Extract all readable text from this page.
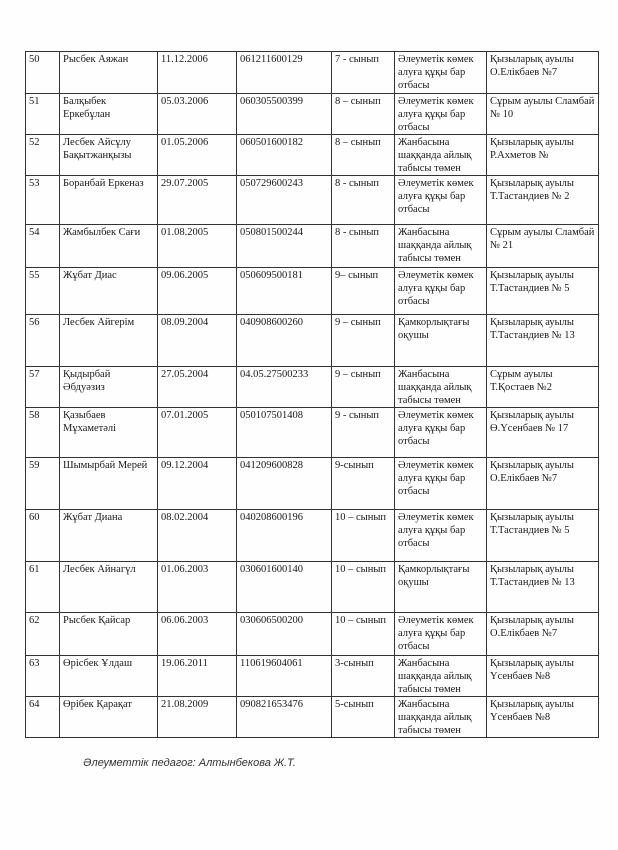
50	Рысбек Аяжан	11.12.2006	061211600129	7 - сынып	Әлеуметік көмек алуға құқы бар отбасы	Қызыларық ауылы О.Елікбаев №7
51	Балқыбек Еркебұлан	05.03.2006	060305500399	8 – сынып	Әлеуметік көмек алуға құқы бар отбасы	Сұрым ауылы Сламбай № 10
52	Лесбек Айсұлу Бақытжанқызы	01.05.2006	060501600182	8 – сынып	Жанбасына шаққанда айлық табысы төмен	Қызыларық ауылы Р.Ахметов №
53	Боранбай Еркеназ	29.07.2005	050729600243	8 - сынып	Әлеуметік көмек алуға құқы бар отбасы	Қызыларық ауылы Т.Тастандиев № 2
54	Жамбылбек Сағи	01.08.2005	050801500244	8 - сынып	Жанбасына шаққанда айлық табысы төмен	Сұрым ауылы Сламбай № 21
55	Жұбат Диас	09.06.2005	050609500181	9– сынып	Әлеуметік көмек алуға құқы бар отбасы	Қызыларық ауылы Т.Тастандиев № 5
56	Лесбек Айгерім	08.09.2004	040908600260	9 – сынып	Қамкорлықтағы оқушы	Қызыларық ауылы Т.Тастандиев № 13
57	Қыдырбай Әбдуәзиз	27.05.2004	04.05.27500233	9 – сынып	Жанбасына шаққанда айлық табысы төмен	Сұрым ауылы Т.Қостаев №2
58	Қазыбаев Мұхаметәлі	07.01.2005	050107501408	9 - сынып	Әлеуметік көмек алуға құқы бар отбасы	Қызыларық ауылы Ө.Үсенбаев № 17
59	Шымырбай Мерей	09.12.2004	041209600828	9-сынып	Әлеуметік көмек алуға құқы бар отбасы	Қызыларық ауылы О.Елікбаев №7
60	Жұбат Диана	08.02.2004	040208600196	10 – сынып	Әлеуметік көмек алуға құқы бар отбасы	Қызыларық ауылы Т.Тастандиев № 5
61	Лесбек Айнагүл	01.06.2003	030601600140	10 – сынып	Қамкорлықтағы оқушы	Қызыларық ауылы Т.Тастандиев № 13
62	Рысбек Қайсар	06.06.2003	030606500200	10 – сынып	Әлеуметік көмек алуға құқы бар отбасы	Қызыларық ауылы О.Елікбаев №7
63	Өрісбек Ұлдаш	19.06.2011	110619604061	3-сынып	Жанбасына шаққанда айлық табысы төмен	Қызыларық ауылы Үсенбаев №8
64	Өрібек Қарақат	21.08.2009	090821653476	5-сынып	Жанбасына шаққанда айлық табысы төмен	Қызыларық ауылы Үсенбаев №8
Әлеуметтік педагог: Алтынбекова Ж.Т.
